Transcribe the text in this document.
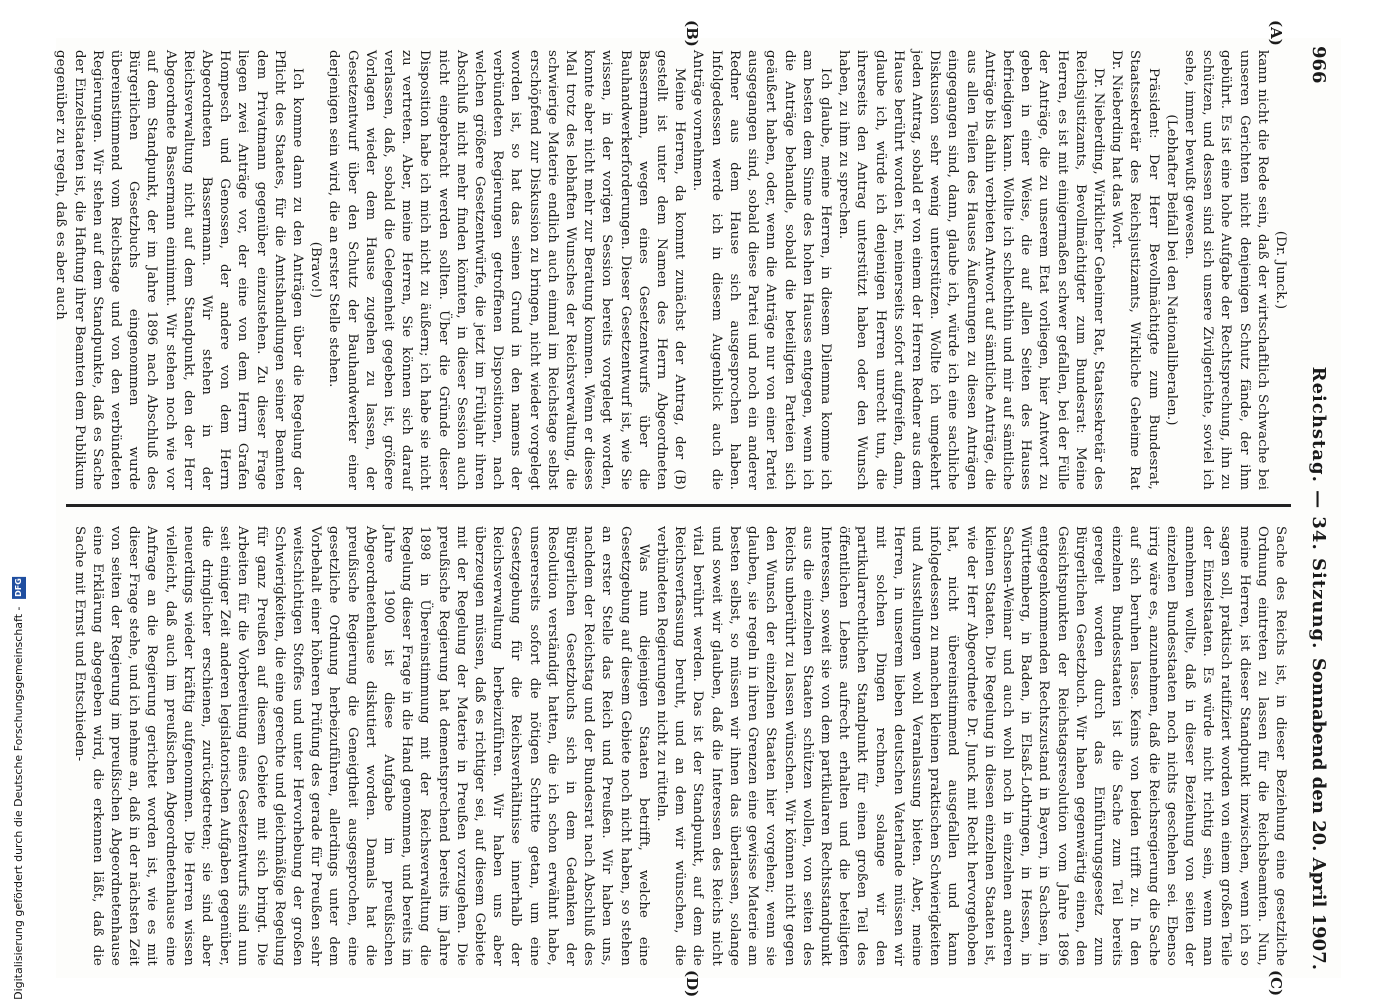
966
Reichstag. — 34. Sitzung.
Sonnabend den 20. April 1907.
(A)
(B)
(C)
(D)

(Dr. Junck.)

kann nicht die Rede sein, daß der wirtschaftlich Schwache bei unseren Gerichten nicht denjenigen Schutz fände, der ihm gebührt. Es ist eine hohe Aufgabe der Rechtsprechung, ihn zu schützen, und dessen sind sich unsere Zivilgerichte, soviel ich sehe, immer bewußt gewesen.

(Lebhafter Beifall bei den Nationalliberalen.)

Präsident: Der Herr Bevollmächtigte zum Bundesrat, Staatssekretär des Reichsjustizamts, Wirkliche Geheime Rat Dr. Nieberding hat das Wort.

Dr. Nieberding, Wirklicher Geheimer Rat, Staatssekretär des Reichsjustizamts, Bevollmächtigter zum Bundesrat: Meine Herren, es ist mit einigermaßen schwer gefallen, bei der Fülle der Anträge, die zu unserem Etat vorliegen, hier Antwort zu geben in einer Weise, die auf allen Seiten des Hauses befriedigen kann. Wollte ich schlechthin und mir auf sämtliche Anträge bis dahin verbieten Antwort auf sämtliche Anträge, die aus allen Teilen des Hauses Äußerungen zu diesen Anträgen eingegangen sind, dann, glaube ich, würde ich eine sachliche Diskussion sehr wenig unterstützen. Wollte ich umgekehrt jeden Antrag, sobald er von einem der Herren Redner aus dem Hause berührt worden ist, meinerseits sofort aufgreifen, dann, glaube ich, würde ich denjenigen Herren unrecht tun, die ihrerseits den Antrag unterstützt haben oder den Wunsch haben, zu ihm zu sprechen.

Ich glaube, meine Herren, in diesem Dilemma komme ich am besten dem Sinne des hohen Hauses entgegen, wenn ich die Anträge behandle, sobald die beteiligten Parteien sich geäußert haben, oder, wenn die Anträge nur von einer Partei ausgegangen sind, sobald diese Partei und noch ein anderer Redner aus dem Hause sich ausgesprochen haben. Infolgedessen werde ich in diesem Augenblick auch die Anträge vornehmen.

Meine Herren, da kommt zunächst der Antrag, der (B) gestellt ist unter dem Namen des Herrn Abgeordneten Bassermann, wegen eines Gesetzentwurfs über die Bauhandwerkerforderungen. Dieser Gesetzentwurf ist, wie Sie wissen, in der vorigen Session bereits vorgelegt worden, konnte aber nicht mehr zur Beratung kommen. Wenn er dieses Mal trotz des lebhaften Wunsches der Reichsverwaltung, die schwierige Materie endlich auch einmal im Reichstage selbst erschöpfend zur Diskussion zu bringen, nicht wieder vorgelegt worden ist, so hat das seinen Grund in den namens der verbündeten Regierungen getroffenen Dispositionen, nach welchen größere Gesetzentwürfe, die jetzt im Frühjahr ihren Abschluß nicht mehr finden könnten, in dieser Session auch nicht eingebracht werden sollten. Über die Gründe dieser Disposition habe ich mich nicht zu äußern; ich habe sie nicht zu vertreten. Aber, meine Herren, Sie können sich darauf verlassen, daß, sobald die Gelegenheit gegeben ist, größere Vorlagen wieder dem Hause zugehen zu lassen, der Gesetzentwurf über den Schutz der Bauhandwerker einer derjenigen sein wird, die an erster Stelle stehen.

(Bravo!)

Ich komme dann zu den Anträgen über die Regelung der Pflicht des Staates, für die Amtshandlungen seiner Beamten dem Privatmann gegenüber einzustehen. Zu dieser Frage liegen zwei Anträge vor, der eine von dem Herrn Grafen Hompesch und Genossen, der andere von dem Herrn Abgeordneten Bassermann. Wir stehen in der Reichsverwaltung nicht auf dem Standpunkt, den der Herr Abgeordnete Bassermann einnimmt. Wir stehen noch wie vor auf dem Standpunkt, der im Jahre 1896 nach Abschluß des Bürgerlichen Gesetzbuchs eingenommen wurde übereinstimmend vom Reichstage und von den verbündeten Regierungen. Wir stehen auf dem Standpunkte, daß es Sache der Einzelstaaten ist, die Haftung ihrer Beamten dem Publikum gegenüber zu regeln, daß es aber auch

Sache des Reichs ist, in dieser Beziehung eine gesetzliche Ordnung eintreten zu lassen für die Reichsbeamten. Nun, meine Herren, ist dieser Standpunkt inzwischen, wenn ich so sagen soll, praktisch ratifiziert worden von einem großen Teile der Einzelstaaten. Es würde nicht richtig sein, wenn man annehmen wollte, daß in dieser Beziehung von seiten der einzelnen Bundesstaaten noch nichts geschehen sei. Ebenso irrig wäre es, anzunehmen, daß die Reichsregierung die Sache auf sich beruhen lasse. Keins von beiden trifft zu. In den einzelnen Bundesstaaten ist die Sache zum Teil bereits geregelt worden durch das Einführungsgesetz zum Bürgerlichen Gesetzbuch. Wir haben gegenwärtig einen, den Gesichtspunkten der Reichstagsresolution vom Jahre 1896 entgegenkommenden Rechtszustand in Bayern, in Sachsen, in Württemberg, in Baden, in Elsaß-Lothringen, in Hessen, in Sachsen-Weimar und auch wohl noch in einzelnen anderen kleinen Staaten. Die Regelung in diesen einzelnen Staaten ist, wie der Herr Abgeordnete Dr. Junck mit Recht hervorgehoben hat, nicht übereinstimmend ausgefallen und kann infolgedessen zu manchen kleinen praktischen Schwierigkeiten und Ausstellungen wohl Veranlassung bieten. Aber, meine Herren, in unserem lieben deutschen Vaterlande müssen wir mit solchen Dingen rechnen, solange wir den partikularrechtlichen Standpunkt für einen großen Teil des öffentlichen Lebens aufrecht erhalten und die beteiligten Interessen, soweit sie von dem partikularen Rechtsstandpunkt aus die einzelnen Staaten schützen wollen, von seiten des Reichs unberührt zu lassen wünschen. Wir können nicht gegen den Wunsch der einzelnen Staaten hier vorgehen; wenn sie glauben, sie regeln in ihren Grenzen eine gewisse Materie am besten selbst, so müssen wir ihnen das überlassen, solange und soweit wir glauben, daß die Interessen des Reichs nicht vital berührt werden. Das ist der Standpunkt, auf dem die Reichsverfassung beruht, und an dem wir wünschen, die verbündeten Regierungen nicht zu rütteln.

Was nun diejenigen Staaten betrifft, welche eine Gesetzgebung auf diesem Gebiete noch nicht haben, so stehen an erster Stelle das Reich und Preußen. Wir haben uns, nachdem der Reichstag und der Bundesrat nach Abschluß des Bürgerlichen Gesetzbuchs sich in dem Gedanken der Resolution verständigt hatten, die ich schon erwähnt habe, unsererseits sofort die nötigen Schritte getan, um eine Gesetzgebung für die Reichsverhältnisse innerhalb der Reichsverwaltung herbeizuführen. Wir haben uns aber überzeugen müssen, daß es richtiger sei, auf diesem Gebiete mit der Regelung der Materie in Preußen vorzugehen. Die preußische Regierung hat dementsprechend bereits im Jahre 1898 in Übereinstimmung mit der Reichsverwaltung die Regelung dieser Frage in die Hand genommen, und bereits im Jahre 1900 ist diese Aufgabe im preußischen Abgeordnetenhause diskutiert worden. Damals hat die preußische Regierung die Geneigtheit ausgesprochen, eine gesetzliche Ordnung herbeizuführen, allerdings unter dem Vorbehalt einer höheren Prüfung des gerade für Preußen sehr weitschichtigen Stoffes und unter Hervorhebung der großen Schwierigkeiten, die eine gerechte und gleichmäßige Regelung für ganz Preußen auf diesem Gebiete mit sich bringt. Die Arbeiten für die Vorbereitung eines Gesetzentwurfs sind nun seit einiger Zeit anderen legislatorischen Aufgaben gegenüber, die dringlicher erschienen, zurückgetreten; sie sind aber neuerdings wieder kräftig aufgenommen. Die Herren wissen vielleicht, daß auch im preußischen Abgeordnetenhause eine Anfrage an die Regierung gerichtet worden ist, wie es mit dieser Frage stehe, und ich nehme an, daß in der nächsten Zeit von seiten der Regierung im preußischen Abgeordnetenhause eine Erklärung abgegeben wird, die erkennen läßt, daß die Sache mit Ernst und Entschieden-

Digitalisierung gefördert durch die Deutsche Forschungsgemeinschaft - DFG
